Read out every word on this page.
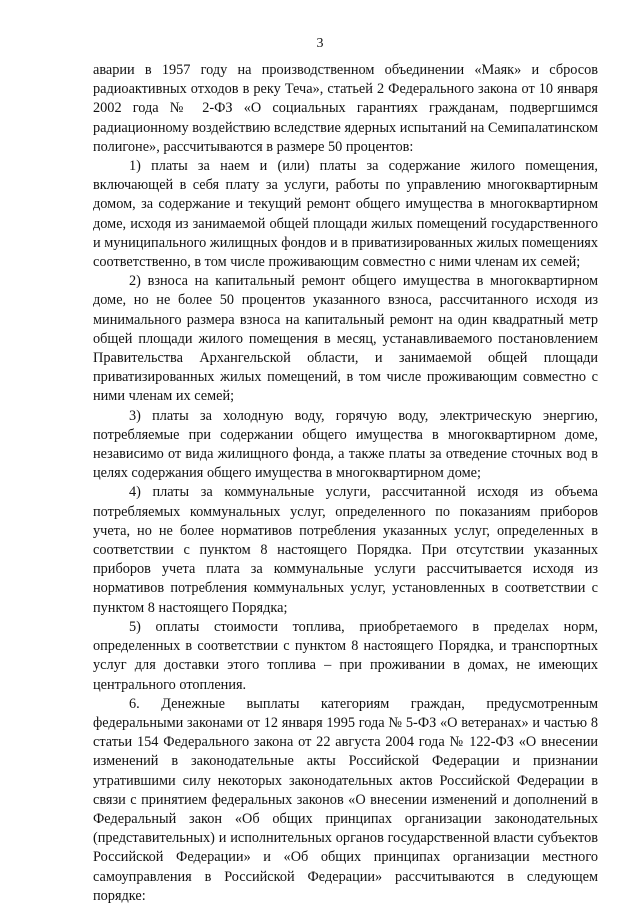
3

аварии в 1957 году на производственном объединении «Маяк» и сбросов радиоактивных отходов в реку Теча», статьей 2 Федерального закона от 10 января 2002 года № 2-ФЗ «О социальных гарантиях гражданам, подвергшимся радиационному воздействию вследствие ядерных испытаний на Семипалатинском полигоне», рассчитываются в размере 50 процентов:

1) платы за наем и (или) платы за содержание жилого помещения, включающей в себя плату за услуги, работы по управлению многоквартирным домом, за содержание и текущий ремонт общего имущества в многоквартирном доме, исходя из занимаемой общей площади жилых помещений государственного и муниципального жилищных фондов и в приватизированных жилых помещениях соответственно, в том числе проживающим совместно с ними членам их семей;

2) взноса на капитальный ремонт общего имущества в многоквартирном доме, но не более 50 процентов указанного взноса, рассчитанного исходя из минимального размера взноса на капитальный ремонт на один квадратный метр общей площади жилого помещения в месяц, устанавливаемого постановлением Правительства Архангельской области, и занимаемой общей площади приватизированных жилых помещений, в том числе проживающим совместно с ними членам их семей;

3) платы за холодную воду, горячую воду, электрическую энергию, потребляемые при содержании общего имущества в многоквартирном доме, независимо от вида жилищного фонда, а также платы за отведение сточных вод в целях содержания общего имущества в многоквартирном доме;

4) платы за коммунальные услуги, рассчитанной исходя из объема потребляемых коммунальных услуг, определенного по показаниям приборов учета, но не более нормативов потребления указанных услуг, определенных в соответствии с пунктом 8 настоящего Порядка. При отсутствии указанных приборов учета плата за коммунальные услуги рассчитывается исходя из нормативов потребления коммунальных услуг, установленных в соответствии с пунктом 8 настоящего Порядка;

5) оплаты стоимости топлива, приобретаемого в пределах норм, определенных в соответствии с пунктом 8 настоящего Порядка, и транспортных услуг для доставки этого топлива – при проживании в домах, не имеющих центрального отопления.

6. Денежные выплаты категориям граждан, предусмотренным федеральными законами от 12 января 1995 года № 5-ФЗ «О ветеранах» и частью 8 статьи 154 Федерального закона от 22 августа 2004 года № 122-ФЗ «О внесении изменений в законодательные акты Российской Федерации и признании утратившими силу некоторых законодательных актов Российской Федерации в связи с принятием федеральных законов «О внесении изменений и дополнений в Федеральный закон «Об общих принципах организации законодательных (представительных) и исполнительных органов государственной власти субъектов Российской Федерации» и «Об общих принципах организации местного самоуправления в Российской Федерации» рассчитываются в следующем порядке:
